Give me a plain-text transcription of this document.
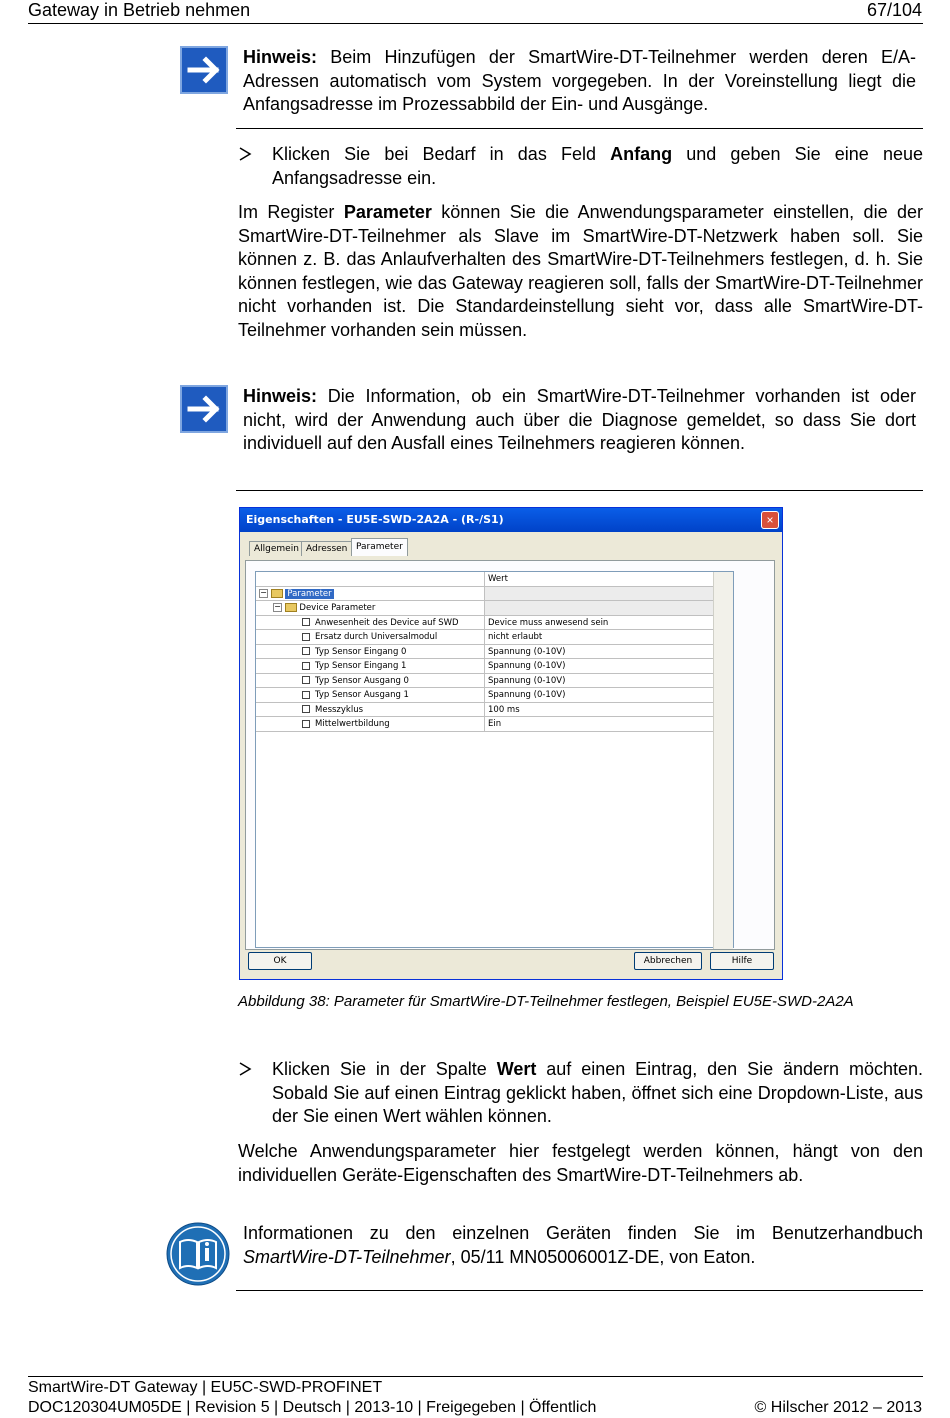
Gateway in Betrieb nehmen	67/104
Hinweis: Beim Hinzufügen der SmartWire-DT-Teilnehmer werden deren E/A-Adressen automatisch vom System vorgegeben. In der Voreinstellung liegt die Anfangsadresse im Prozessabbild der Ein- und Ausgänge.
Klicken Sie bei Bedarf in das Feld Anfang und geben Sie eine neue Anfangsadresse ein.
Im Register Parameter können Sie die Anwendungsparameter einstellen, die der SmartWire-DT-Teilnehmer als Slave im SmartWire-DT-Netzwerk haben soll. Sie können z. B. das Anlaufverhalten des SmartWire-DT-Teilnehmers festlegen, d. h. Sie können festlegen, wie das Gateway reagieren soll, falls der SmartWire-DT-Teilnehmer nicht vorhanden ist. Die Standardeinstellung sieht vor, dass alle SmartWire-DT-Teilnehmer vorhanden sein müssen.
Hinweis: Die Information, ob ein SmartWire-DT-Teilnehmer vorhanden ist oder nicht, wird der Anwendung auch über die Diagnose gemeldet, so dass Sie dort individuell auf den Ausfall eines Teilnehmers reagieren können.
Eigenschaften - EU5E-SWD-2A2A - (R-/S1)	×
Allgemein Adressen Parameter
Wert
− Parameter
− Device Parameter
Anwesenheit des Device auf SWD	Device muss anwesend sein
Ersatz durch Universalmodul	nicht erlaubt
Typ Sensor Eingang 0	Spannung (0-10V)
Typ Sensor Eingang 1	Spannung (0-10V)
Typ Sensor Ausgang 0	Spannung (0-10V)
Typ Sensor Ausgang 1	Spannung (0-10V)
Messzyklus	100 ms
Mittelwertbildung	Ein
OK	Abbrechen	Hilfe
Abbildung 38: Parameter für SmartWire-DT-Teilnehmer festlegen, Beispiel EU5E-SWD-2A2A
Klicken Sie in der Spalte Wert auf einen Eintrag, den Sie ändern möchten. Sobald Sie auf einen Eintrag geklickt haben, öffnet sich eine Dropdown-Liste, aus der Sie einen Wert wählen können.
Welche Anwendungsparameter hier festgelegt werden können, hängt von den individuellen Geräte-Eigenschaften des SmartWire-DT-Teilnehmers ab.
Informationen zu den einzelnen Geräten finden Sie im Benutzerhandbuch SmartWire-DT-Teilnehmer, 05/11 MN05006001Z-DE, von Eaton.
SmartWire-DT Gateway | EU5C-SWD-PROFINET
DOC120304UM05DE | Revision 5 | Deutsch | 2013-10 | Freigegeben | Öffentlich	© Hilscher 2012 – 2013
